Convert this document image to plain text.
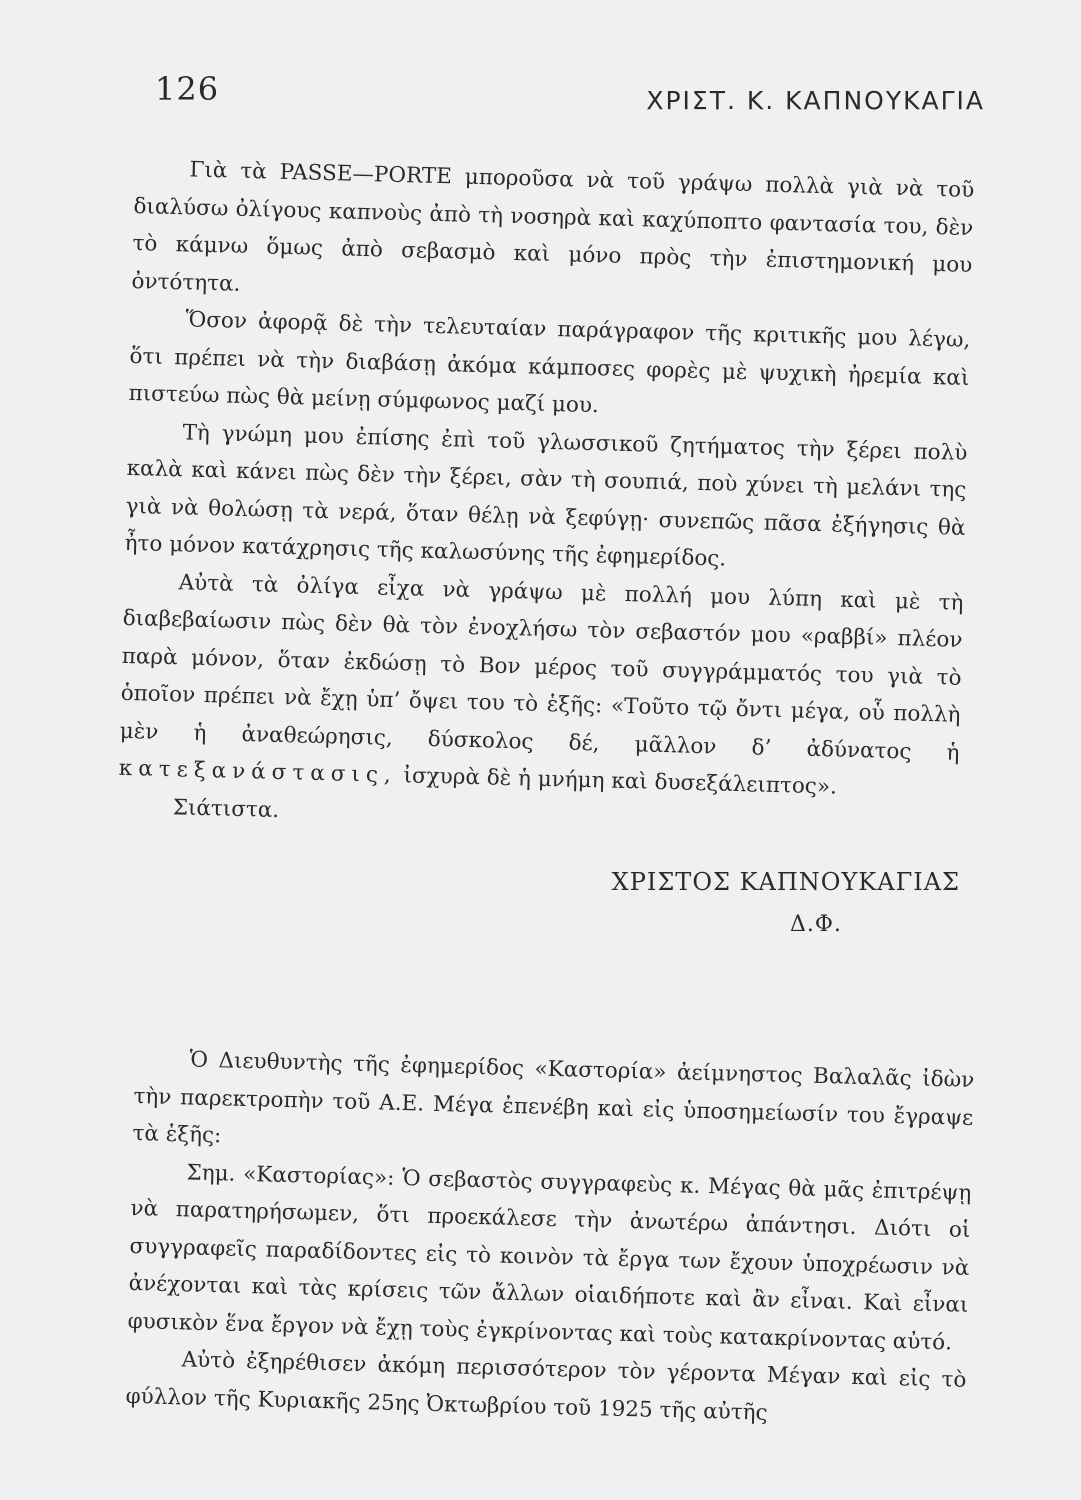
126	ΧΡΙΣΤ. Κ. ΚΑΠΝΟΥΚΑΓΙΑ

Γιὰ τὰ PASSE—PORTE μποροῦσα νὰ τοῦ γράψω πολλὰ γιὰ νὰ τοῦ διαλύσω ὀλίγους καπνοὺς ἀπὸ τὴ νοσηρὰ καὶ καχύποπτο φαντασία του, δὲν τὸ κάμνω ὅμως ἀπὸ σεβασμὸ καὶ μόνο πρὸς τὴν ἐπιστημονική μου ὀντότητα.

Ὅσον ἀφορᾷ δὲ τὴν τελευταίαν παράγραφον τῆς κριτικῆς μου λέγω, ὅτι πρέπει νὰ τὴν διαβάσῃ ἀκόμα κάμποσες φορὲς μὲ ψυχικὴ ἠρεμία καὶ πιστεύω πὼς θὰ μείνῃ σύμφωνος μαζί μου.

Τὴ γνώμη μου ἐπίσης ἐπὶ τοῦ γλωσσικοῦ ζητήματος τὴν ξέρει πολὺ καλὰ καὶ κάνει πὼς δὲν τὴν ξέρει, σὰν τὴ σουπιά, ποὺ χύνει τὴ μελάνι της γιὰ νὰ θολώσῃ τὰ νερά, ὅταν θέλῃ νὰ ξεφύγῃ· συνεπῶς πᾶσα ἐξήγησις θὰ ἦτο μόνον κατάχρησις τῆς καλωσύνης τῆς ἐφημερίδος.

Αὐτὰ τὰ ὀλίγα εἶχα νὰ γράψω μὲ πολλή μου λύπη καὶ μὲ τὴ διαβεβαίωσιν πὼς δὲν θὰ τὸν ἐνοχλήσω τὸν σεβαστόν μου «ραββί» πλέον παρὰ μόνον, ὅταν ἐκδώσῃ τὸ Βον μέρος τοῦ συγγράμματός του γιὰ τὸ ὁποῖον πρέπει νὰ ἔχῃ ὑπ’ ὄψει του τὸ ἑξῆς: «Τοῦτο τῷ ὄντι μέγα, οὗ πολλὴ μὲν ἡ ἀναθεώρησις, δύσκολος δέ, μᾶλλον δ’ ἀδύνατος ἡ κατεξανάστασις, ἰσχυρὰ δὲ ἡ μνήμη καὶ δυσεξάλειπτος».

Σιάτιστα.

ΧΡΙΣΤΟΣ ΚΑΠΝΟΥΚΑΓΙΑΣ
Δ.Φ.

Ὁ Διευθυντὴς τῆς ἐφημερίδος «Καστορία» ἀείμνηστος Βαλαλᾶς ἰδὼν τὴν παρεκτροπὴν τοῦ Α.Ε. Μέγα ἐπενέβη καὶ εἰς ὑποσημείωσίν του ἔγραψε τὰ ἑξῆς:

Σημ. «Καστορίας»: Ὁ σεβαστὸς συγγραφεὺς κ. Μέγας θὰ μᾶς ἐπιτρέψῃ νὰ παρατηρήσωμεν, ὅτι προεκάλεσε τὴν ἀνωτέρω ἀπάντησι. Διότι οἱ συγγραφεῖς παραδίδοντες εἰς τὸ κοινὸν τὰ ἔργα των ἔχουν ὑποχρέωσιν νὰ ἀνέχονται καὶ τὰς κρίσεις τῶν ἄλλων οἱαιδήποτε καὶ ἂν εἶναι. Καὶ εἶναι φυσικὸν ἕνα ἔργον νὰ ἔχῃ τοὺς ἐγκρίνοντας καὶ τοὺς κατακρίνοντας αὐτό.

Αὐτὸ ἐξηρέθισεν ἀκόμη περισσότερον τὸν γέροντα Μέγαν καὶ εἰς τὸ φύλλον τῆς Κυριακῆς 25ης Ὀκτωβρίου τοῦ 1925 τῆς αὐτῆς
